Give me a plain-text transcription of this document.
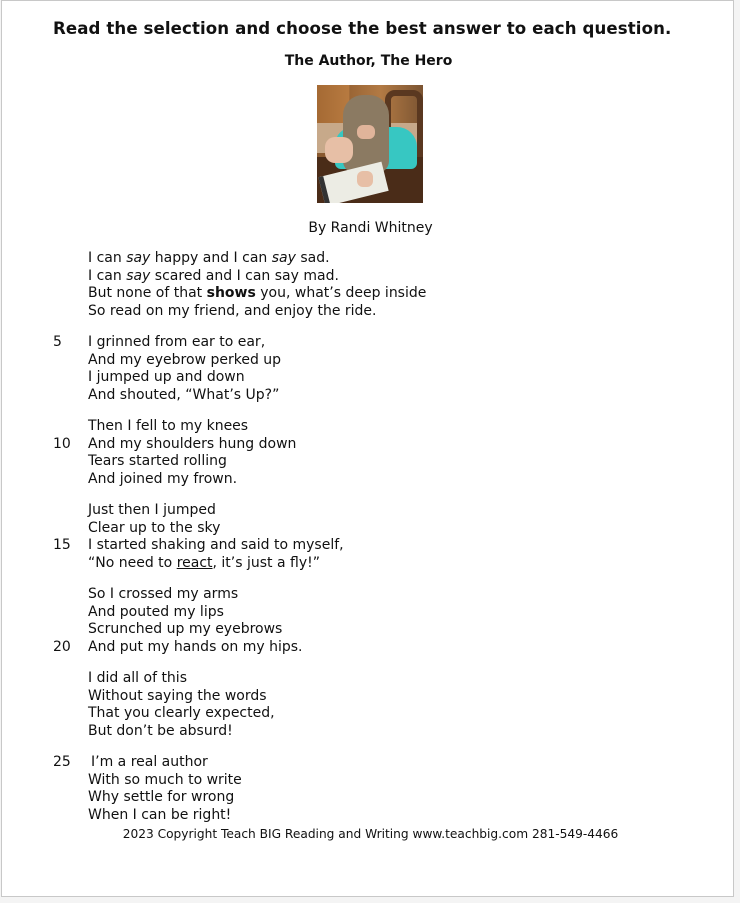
Read the selection and choose the best answer to each question.
The Author, The Hero
By Randi Whitney
I can say happy and I can say sad.
I can say scared and I can say mad.
But none of that shows you, what’s deep inside
So read on my friend, and enjoy the ride.
5	I grinned from ear to ear,
And my eyebrow perked up
I jumped up and down
And shouted, “What’s Up?”
Then I fell to my knees
10	And my shoulders hung down
Tears started rolling
And joined my frown.
Just then I jumped
Clear up to the sky
15	I started shaking and said to myself,
“No need to react, it’s just a fly!”
So I crossed my arms
And pouted my lips
Scrunched up my eyebrows
20	And put my hands on my hips.
I did all of this
Without saying the words
That you clearly expected,
But don’t be absurd!
25	I’m a real author
With so much to write
Why settle for wrong
When I can be right!
2023 Copyright Teach BIG Reading and Writing www.teachbig.com 281-549-4466
